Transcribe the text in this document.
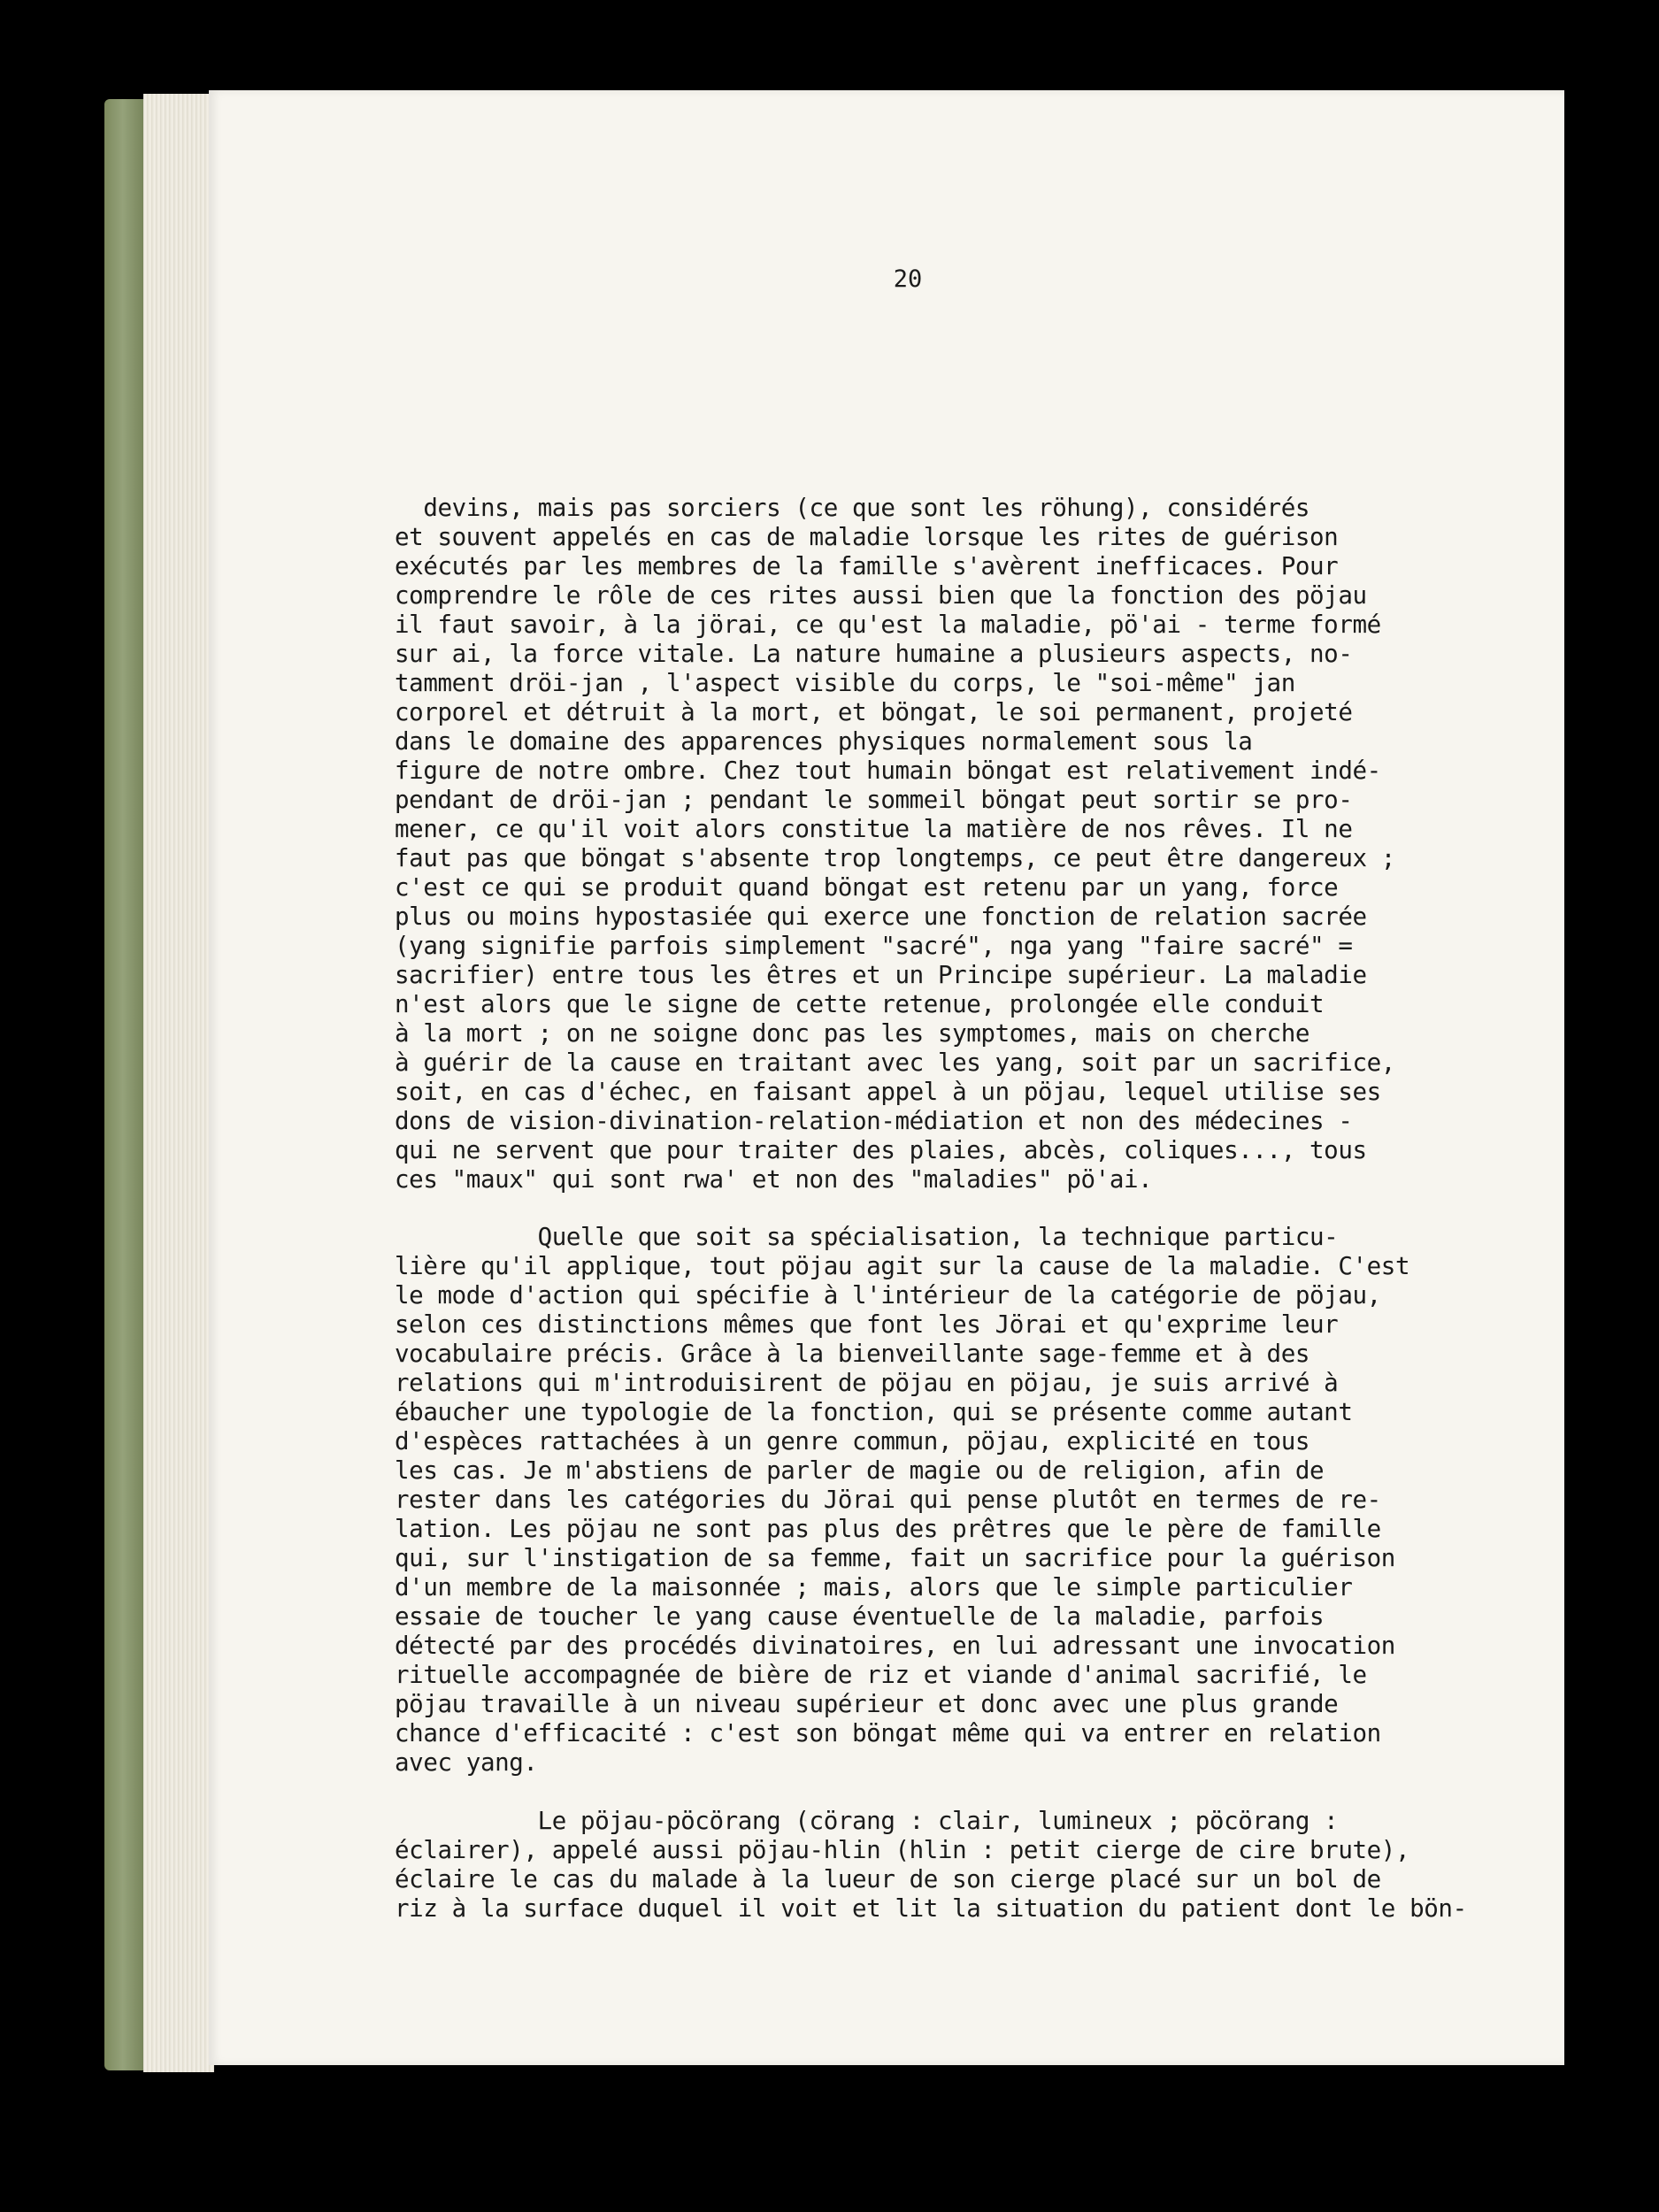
20
devins, mais pas sorciers (ce que sont les röhung), considérés
et souvent appelés en cas de maladie lorsque les rites de guérison
exécutés par les membres de la famille s'avèrent inefficaces. Pour
comprendre le rôle de ces rites aussi bien que la fonction des pöjau
il faut savoir, à la jörai, ce qu'est la maladie, pö'ai - terme formé
sur ai, la force vitale. La nature humaine a plusieurs aspects, no-
tamment dröi-jan , l'aspect visible du corps, le "soi-même" jan
corporel et détruit à la mort, et böngat, le soi permanent, projeté
dans le domaine des apparences physiques normalement sous la
figure de notre ombre. Chez tout humain böngat est relativement indé-
pendant de dröi-jan ; pendant le sommeil böngat peut sortir se pro-
mener, ce qu'il voit alors constitue la matière de nos rêves. Il ne
faut pas que böngat s'absente trop longtemps, ce peut être dangereux ;
c'est ce qui se produit quand böngat est retenu par un yang, force
plus ou moins hypostasiée qui exerce une fonction de relation sacrée
(yang signifie parfois simplement "sacré", nga yang "faire sacré" =
sacrifier) entre tous les êtres et un Principe supérieur. La maladie
n'est alors que le signe de cette retenue, prolongée elle conduit
à la mort ; on ne soigne donc pas les symptomes, mais on cherche
à guérir de la cause en traitant avec les yang, soit par un sacrifice,
soit, en cas d'échec, en faisant appel à un pöjau, lequel utilise ses
dons de vision-divination-relation-médiation et non des médecines -
qui ne servent que pour traiter des plaies, abcès, coliques..., tous
ces "maux" qui sont rwa' et non des "maladies" pö'ai.
Quelle que soit sa spécialisation, la technique particu-
lière qu'il applique, tout pöjau agit sur la cause de la maladie. C'est
le mode d'action qui spécifie à l'intérieur de la catégorie de pöjau,
selon ces distinctions mêmes que font les Jörai et qu'exprime leur
vocabulaire précis. Grâce à la bienveillante sage-femme et à des
relations qui m'introduisirent de pöjau en pöjau, je suis arrivé à
ébaucher une typologie de la fonction, qui se présente comme autant
d'espèces rattachées à un genre commun, pöjau, explicité en tous
les cas. Je m'abstiens de parler de magie ou de religion, afin de
rester dans les catégories du Jörai qui pense plutôt en termes de re-
lation. Les pöjau ne sont pas plus des prêtres que le père de famille
qui, sur l'instigation de sa femme, fait un sacrifice pour la guérison
d'un membre de la maisonnée ; mais, alors que le simple particulier
essaie de toucher le yang cause éventuelle de la maladie, parfois
détecté par des procédés divinatoires, en lui adressant une invocation
rituelle accompagnée de bière de riz et viande d'animal sacrifié, le
pöjau travaille à un niveau supérieur et donc avec une plus grande
chance d'efficacité : c'est son böngat même qui va entrer en relation
avec yang.
Le pöjau-pöcörang (cörang : clair, lumineux ; pöcörang :
éclairer), appelé aussi pöjau-hlin (hlin : petit cierge de cire brute),
éclaire le cas du malade à la lueur de son cierge placé sur un bol de
riz à la surface duquel il voit et lit la situation du patient dont le bön-
